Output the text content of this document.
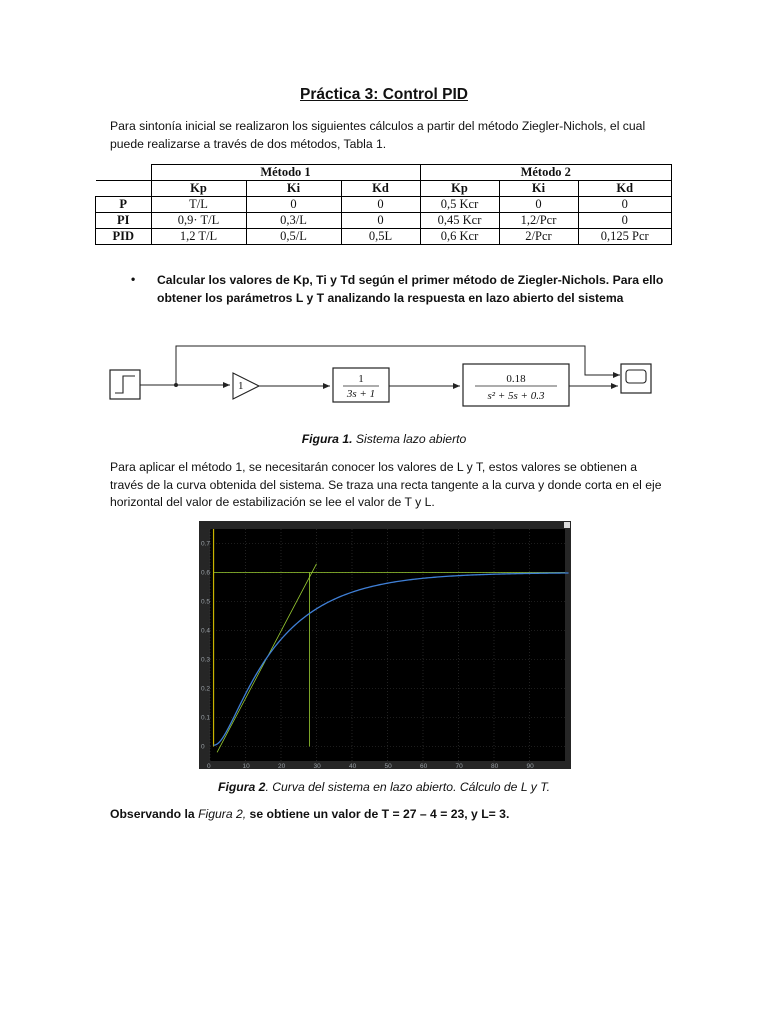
Práctica 3: Control PID
Para sintonía inicial se realizaron los siguientes cálculos a partir del método Ziegler-Nichols, el cual puede realizarse a través de dos métodos, Tabla 1.
	Método 1			Método 2		
	Kp	Ki	Kd	Kp	Ki	Kd
P	T/L	0	0	0,5 Kcr	0	0
PI	0,9· T/L	0,3/L	0	0,45 Kcr	1,2/Pcr	0
PID	1,2 T/L	0,5/L	0,5L	0,6 Kcr	2/Pcr	0,125 Pcr
• Calcular los valores de Kp, Ti y Td según el primer método de Ziegler-Nichols. Para ello obtener los parámetros L y T analizando la respuesta en lazo abierto del sistema
1
1
3s + 1
0.18
s² + 5s + 0.3
Figura 1. Sistema lazo abierto
Para aplicar el método 1, se necesitarán conocer los valores de L y T, estos valores se obtienen a través de la curva obtenida del sistema. Se traza una recta tangente a la curva y donde corta en el eje horizontal del valor de estabilización se lee el valor de T y L.
0.7
0.6
0.5
0.4
0.3
0.2
0.1
0
0	10	20	30	40	50	60	70	80	90
Figura 2. Curva del sistema en lazo abierto. Cálculo de L y T.
Observando la Figura 2, se obtiene un valor de T = 27 – 4 = 23, y L= 3.
